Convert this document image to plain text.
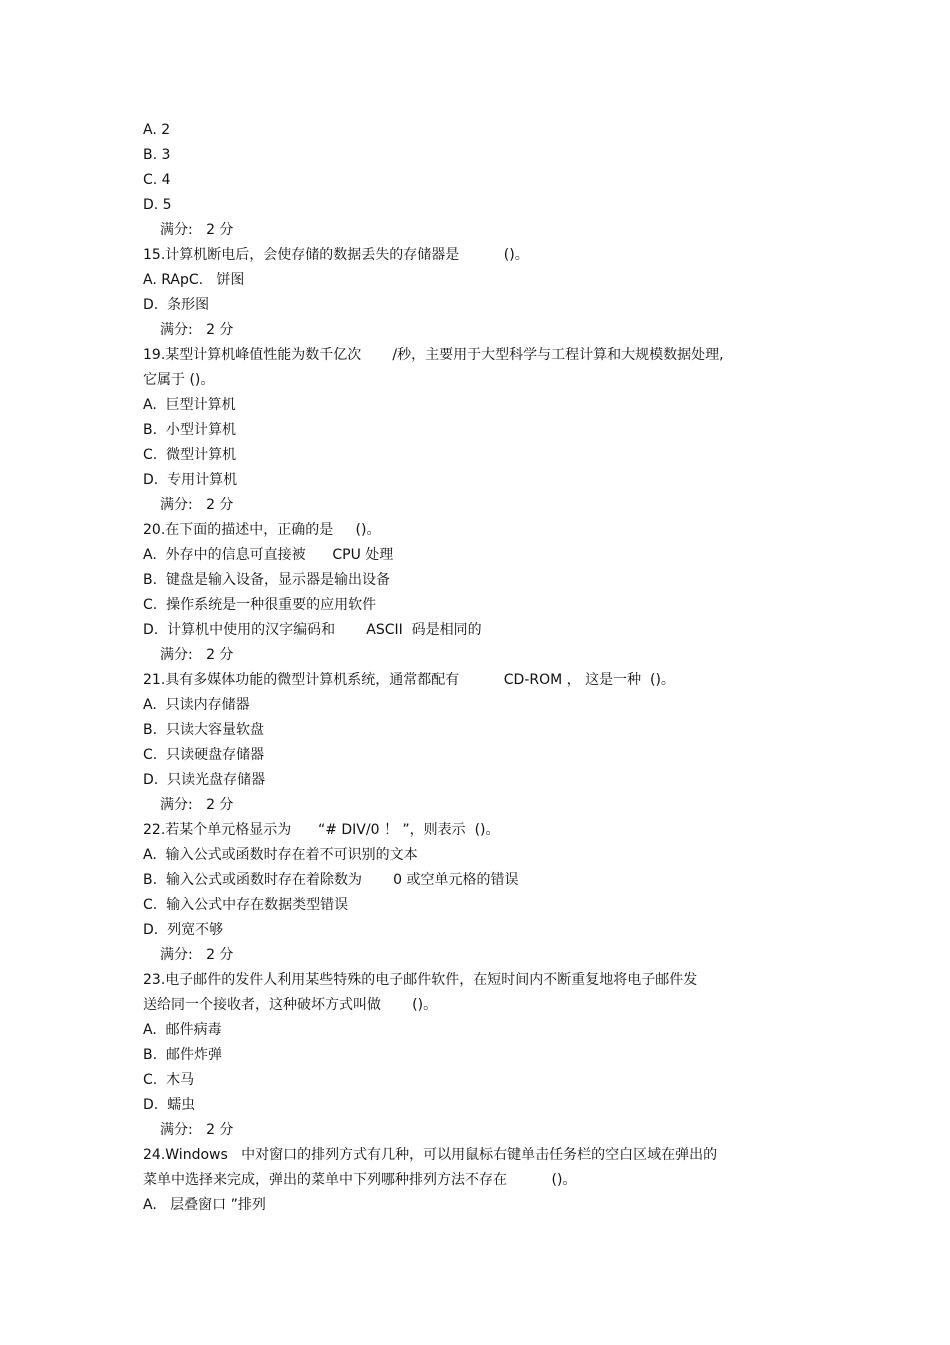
A. 2
B. 3
C. 4
D. 5
满分:   2 分
15.计算机断电后，会使存储的数据丢失的存储器是          ()。
A. RApC.   饼图
D.  条形图
满分:   2 分
19.某型计算机峰值性能为数千亿次       /秒，主要用于大型科学与工程计算和大规模数据处理,
它属于 ()。
A.  巨型计算机
B.  小型计算机
C.  微型计算机
D.  专用计算机
满分:   2 分
20.在下面的描述中，正确的是     ()。
A.  外存中的信息可直接被      CPU 处理
B.  键盘是输入设备，显示器是输出设备
C.  操作系统是一种很重要的应用软件
D.  计算机中使用的汉字编码和       ASCII  码是相同的
满分:   2 分
21.具有多媒体功能的微型计算机系统，通常都配有          CD-ROM ， 这是一种  ()。
A.  只读内存储器
B.  只读大容量软盘
C.  只读硬盘存储器
D.  只读光盘存储器
满分:   2 分
22.若某个单元格显示为      “# DIV/0 ！ ”，则表示  ()。
A.  输入公式或函数时存在着不可识别的文本
B.  输入公式或函数时存在着除数为       0 或空单元格的错误
C.  输入公式中存在数据类型错误
D.  列宽不够
满分:   2 分
23.电子邮件的发件人利用某些特殊的电子邮件软件，在短时间内不断重复地将电子邮件发
送给同一个接收者，这种破坏方式叫做       ()。
A.  邮件病毒
B.  邮件炸弹
C.  木马
D.  蠕虫
满分:   2 分
24.Windows   中对窗口的排列方式有几种，可以用鼠标右键单击任务栏的空白区域在弹出的
菜单中选择来完成，弹出的菜单中下列哪种排列方法不存在          ()。
A.   层叠窗口 ”排列
